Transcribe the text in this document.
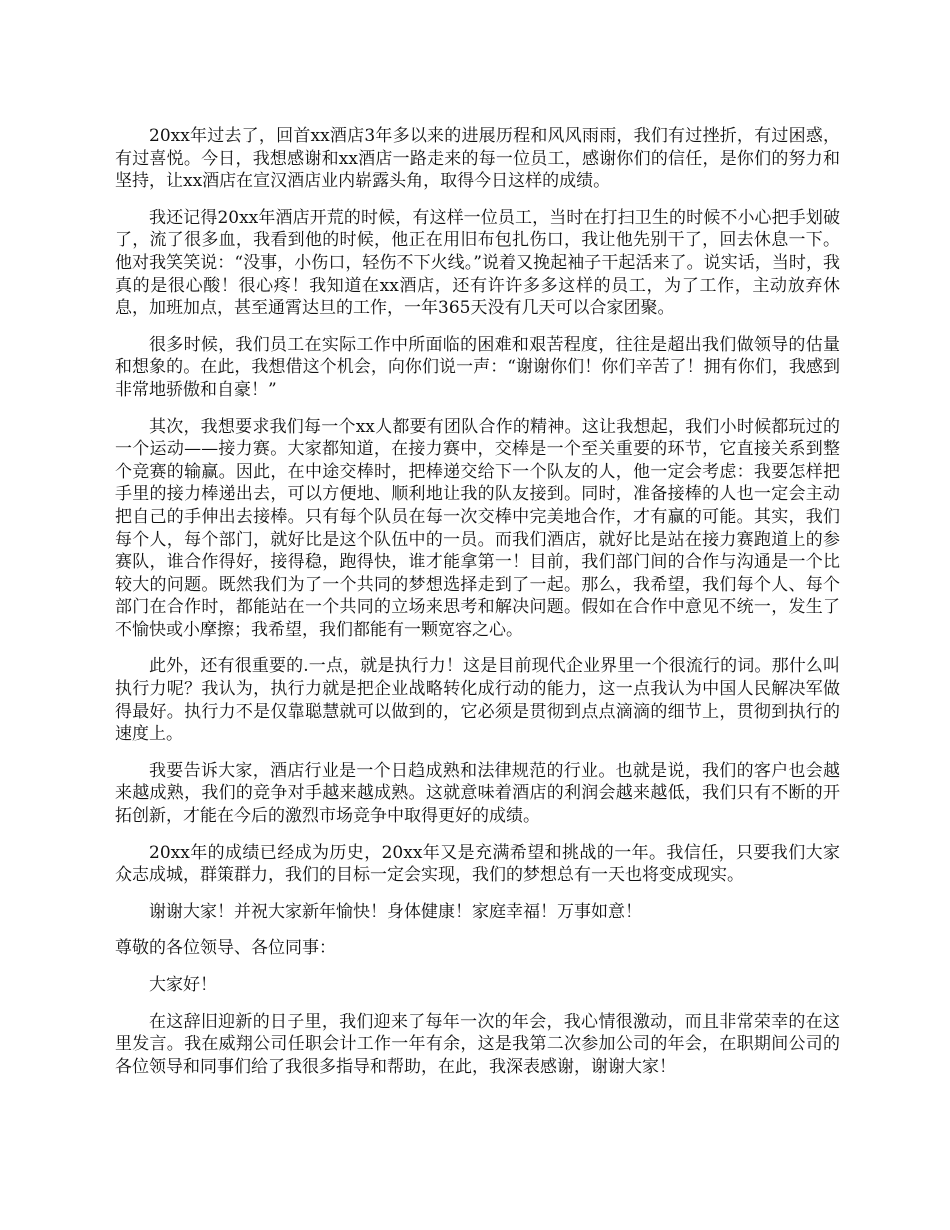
20xx年过去了，回首xx酒店3年多以来的进展历程和风风雨雨，我们有过挫折，有过困惑，有过喜悦。今日，我想感谢和xx酒店一路走来的每一位员工，感谢你们的信任，是你们的努力和坚持，让xx酒店在宣汉酒店业内崭露头角，取得今日这样的成绩。

我还记得20xx年酒店开荒的时候，有这样一位员工，当时在打扫卫生的时候不小心把手划破了，流了很多血，我看到他的时候，他正在用旧布包扎伤口，我让他先别干了，回去休息一下。他对我笑笑说：“没事，小伤口，轻伤不下火线。”说着又挽起袖子干起活来了。说实话，当时，我真的是很心酸！很心疼！我知道在xx酒店，还有许许多多这样的员工，为了工作，主动放弃休息，加班加点，甚至通霄达旦的工作，一年365天没有几天可以合家团聚。

很多时候，我们员工在实际工作中所面临的困难和艰苦程度，往往是超出我们做领导的估量和想象的。在此，我想借这个机会，向你们说一声：“谢谢你们！你们辛苦了！拥有你们，我感到非常地骄傲和自豪！”

其次，我想要求我们每一个xx人都要有团队合作的精神。这让我想起，我们小时候都玩过的一个运动——接力赛。大家都知道，在接力赛中，交棒是一个至关重要的环节，它直接关系到整个竞赛的输赢。因此，在中途交棒时，把棒递交给下一个队友的人，他一定会考虑：我要怎样把手里的接力棒递出去，可以方便地、顺利地让我的队友接到。同时，准备接棒的人也一定会主动把自己的手伸出去接棒。只有每个队员在每一次交棒中完美地合作，才有赢的可能。其实，我们每个人，每个部门，就好比是这个队伍中的一员。而我们酒店，就好比是站在接力赛跑道上的参赛队，谁合作得好，接得稳，跑得快，谁才能拿第一！目前，我们部门间的合作与沟通是一个比较大的问题。既然我们为了一个共同的梦想选择走到了一起。那么，我希望，我们每个人、每个部门在合作时，都能站在一个共同的立场来思考和解决问题。假如在合作中意见不统一，发生了不愉快或小摩擦；我希望，我们都能有一颗宽容之心。

此外，还有很重要的.一点，就是执行力！这是目前现代企业界里一个很流行的词。那什么叫执行力呢？我认为，执行力就是把企业战略转化成行动的能力，这一点我认为中国人民解决军做得最好。执行力不是仅靠聪慧就可以做到的，它必须是贯彻到点点滴滴的细节上，贯彻到执行的速度上。

我要告诉大家，酒店行业是一个日趋成熟和法律规范的行业。也就是说，我们的客户也会越来越成熟，我们的竞争对手越来越成熟。这就意味着酒店的利润会越来越低，我们只有不断的开拓创新，才能在今后的激烈市场竞争中取得更好的成绩。

20xx年的成绩已经成为历史，20xx年又是充满希望和挑战的一年。我信任，只要我们大家众志成城，群策群力，我们的目标一定会实现，我们的梦想总有一天也将变成现实。

谢谢大家！并祝大家新年愉快！身体健康！家庭幸福！万事如意！

尊敬的各位领导、各位同事：

大家好！

在这辞旧迎新的日子里，我们迎来了每年一次的年会，我心情很激动，而且非常荣幸的在这里发言。我在威翔公司任职会计工作一年有余，这是我第二次参加公司的年会，在职期间公司的各位领导和同事们给了我很多指导和帮助，在此，我深表感谢，谢谢大家！
